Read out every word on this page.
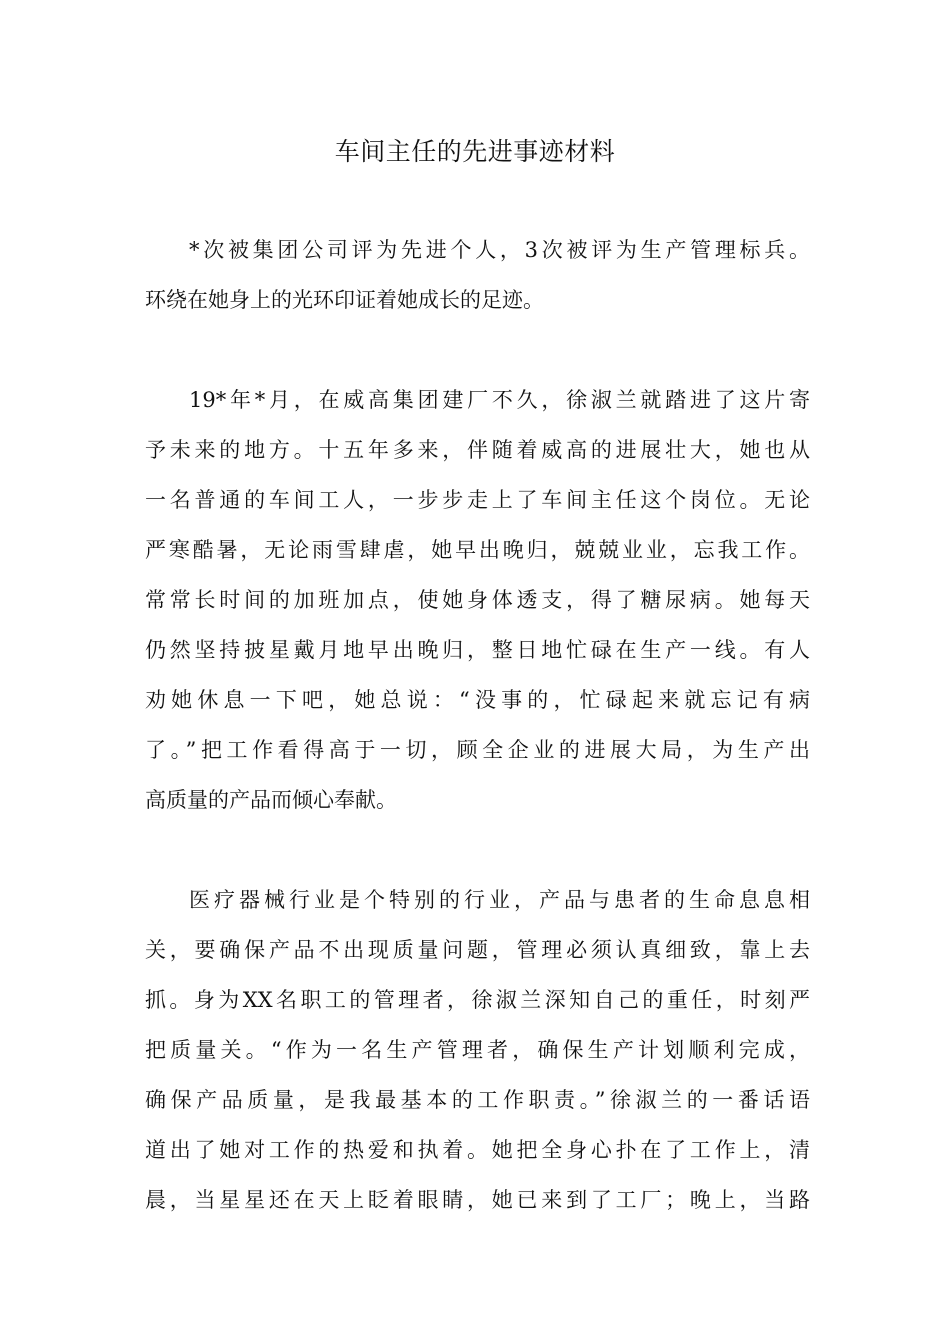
车间主任的先进事迹材料
*次被集团公司评为先进个人，3次被评为生产管理标兵。
环绕在她身上的光环印证着她成长的足迹。
19*年*月，在威高集团建厂不久，徐淑兰就踏进了这片寄
予未来的地方。十五年多来，伴随着威高的进展壮大，她也从
一名普通的车间工人，一步步走上了车间主任这个岗位。无论
严寒酷暑，无论雨雪肆虐，她早出晚归，兢兢业业，忘我工作。
常常长时间的加班加点，使她身体透支，得了糖尿病。她每天
仍然坚持披星戴月地早出晚归，整日地忙碌在生产一线。有人
劝她休息一下吧，她总说：“没事的，忙碌起来就忘记有病
了。”把工作看得高于一切，顾全企业的进展大局，为生产出
高质量的产品而倾心奉献。
医疗器械行业是个特别的行业，产品与患者的生命息息相
关，要确保产品不出现质量问题，管理必须认真细致，靠上去
抓。身为XX名职工的管理者，徐淑兰深知自己的重任，时刻严
把质量关。“作为一名生产管理者，确保生产计划顺利完成，
确保产品质量，是我最基本的工作职责。”徐淑兰的一番话语
道出了她对工作的热爱和执着。她把全身心扑在了工作上，清
晨，当星星还在天上眨着眼睛，她已来到了工厂；晚上，当路
